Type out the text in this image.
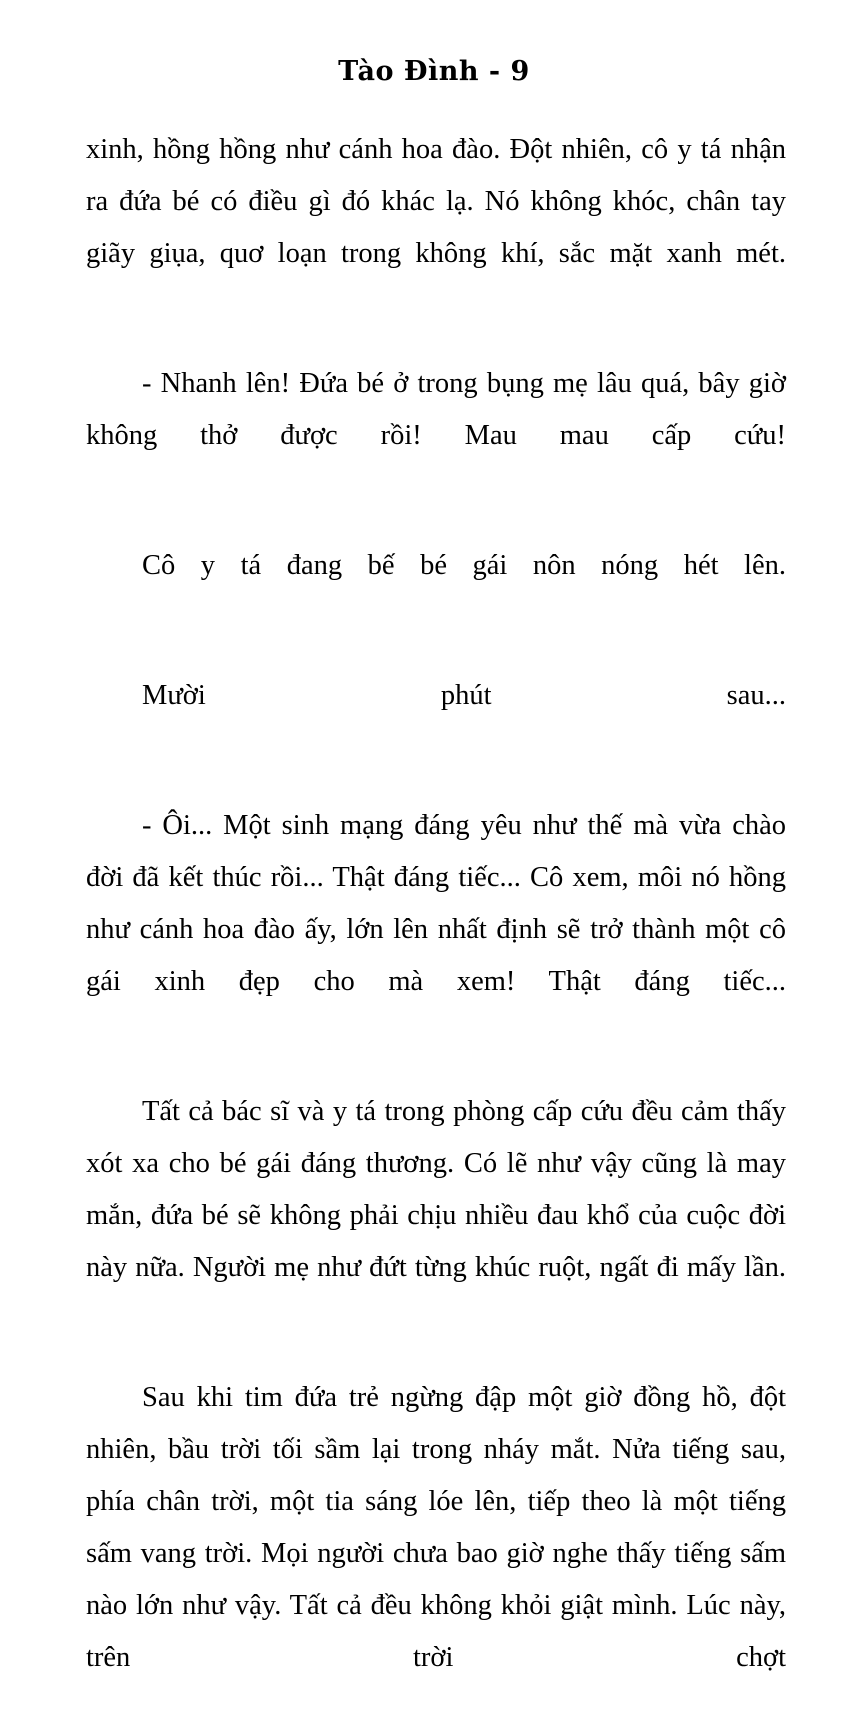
Tào Đình - 9

xinh, hồng hồng như cánh hoa đào. Đột nhiên, cô y tá nhận ra đứa bé có điều gì đó khác lạ. Nó không khóc, chân tay giãy giụa, quơ loạn trong không khí, sắc mặt xanh mét.

- Nhanh lên! Đứa bé ở trong bụng mẹ lâu quá, bây giờ không thở được rồi! Mau mau cấp cứu!

Cô y tá đang bế bé gái nôn nóng hét lên.

Mười phút sau...

- Ôi... Một sinh mạng đáng yêu như thế mà vừa chào đời đã kết thúc rồi... Thật đáng tiếc... Cô xem, môi nó hồng như cánh hoa đào ấy, lớn lên nhất định sẽ trở thành một cô gái xinh đẹp cho mà xem! Thật đáng tiếc...

Tất cả bác sĩ và y tá trong phòng cấp cứu đều cảm thấy xót xa cho bé gái đáng thương. Có lẽ như vậy cũng là may mắn, đứa bé sẽ không phải chịu nhiều đau khổ của cuộc đời này nữa. Người mẹ như đứt từng khúc ruột, ngất đi mấy lần.

Sau khi tim đứa trẻ ngừng đập một giờ đồng hồ, đột nhiên, bầu trời tối sầm lại trong nháy mắt. Nửa tiếng sau, phía chân trời, một tia sáng lóe lên, tiếp theo là một tiếng sấm vang trời. Mọi người chưa bao giờ nghe thấy tiếng sấm nào lớn như vậy. Tất cả đều không khỏi giật mình. Lúc này, trên trời chợt
